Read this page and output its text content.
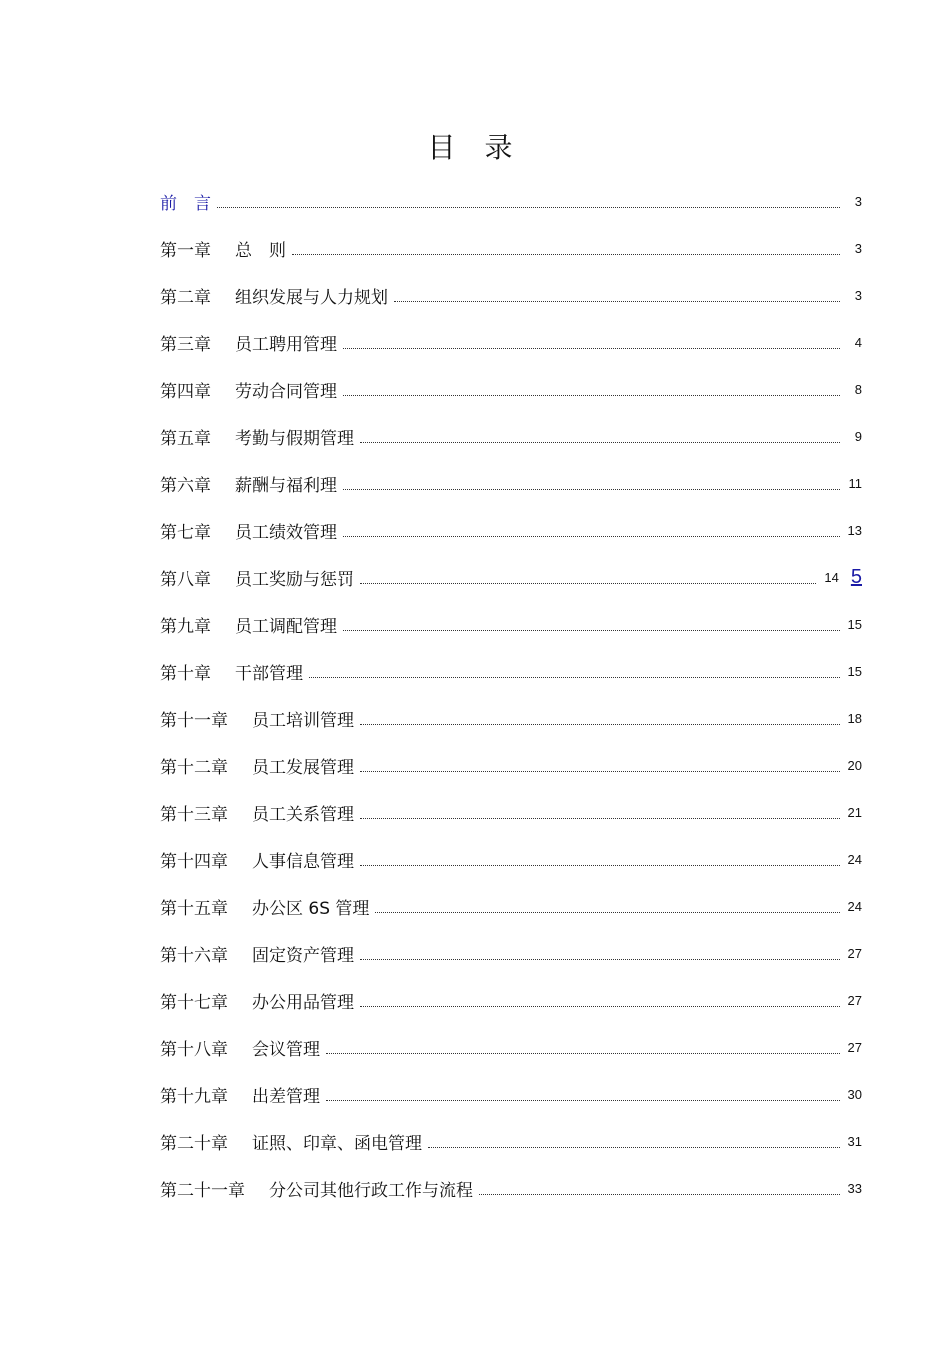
目 录
前　言	3
第一章 总　则	3
第二章 组织发展与人力规划	3
第三章 员工聘用管理	4
第四章 劳动合同管理	8
第五章 考勤与假期管理	9
第六章 薪酬与福利理	11
第七章 员工绩效管理	13
第八章 员工奖励与惩罚	14 5
第九章 员工调配管理	15
第十章 干部管理	15
第十一章 员工培训管理	18
第十二章 员工发展管理	20
第十三章 员工关系管理	21
第十四章 人事信息管理	24
第十五章 办公区 6S 管理	24
第十六章 固定资产管理	27
第十七章 办公用品管理	27
第十八章 会议管理	27
第十九章 出差管理	30
第二十章 证照、印章、函电管理	31
第二十一章 分公司其他行政工作与流程	33
